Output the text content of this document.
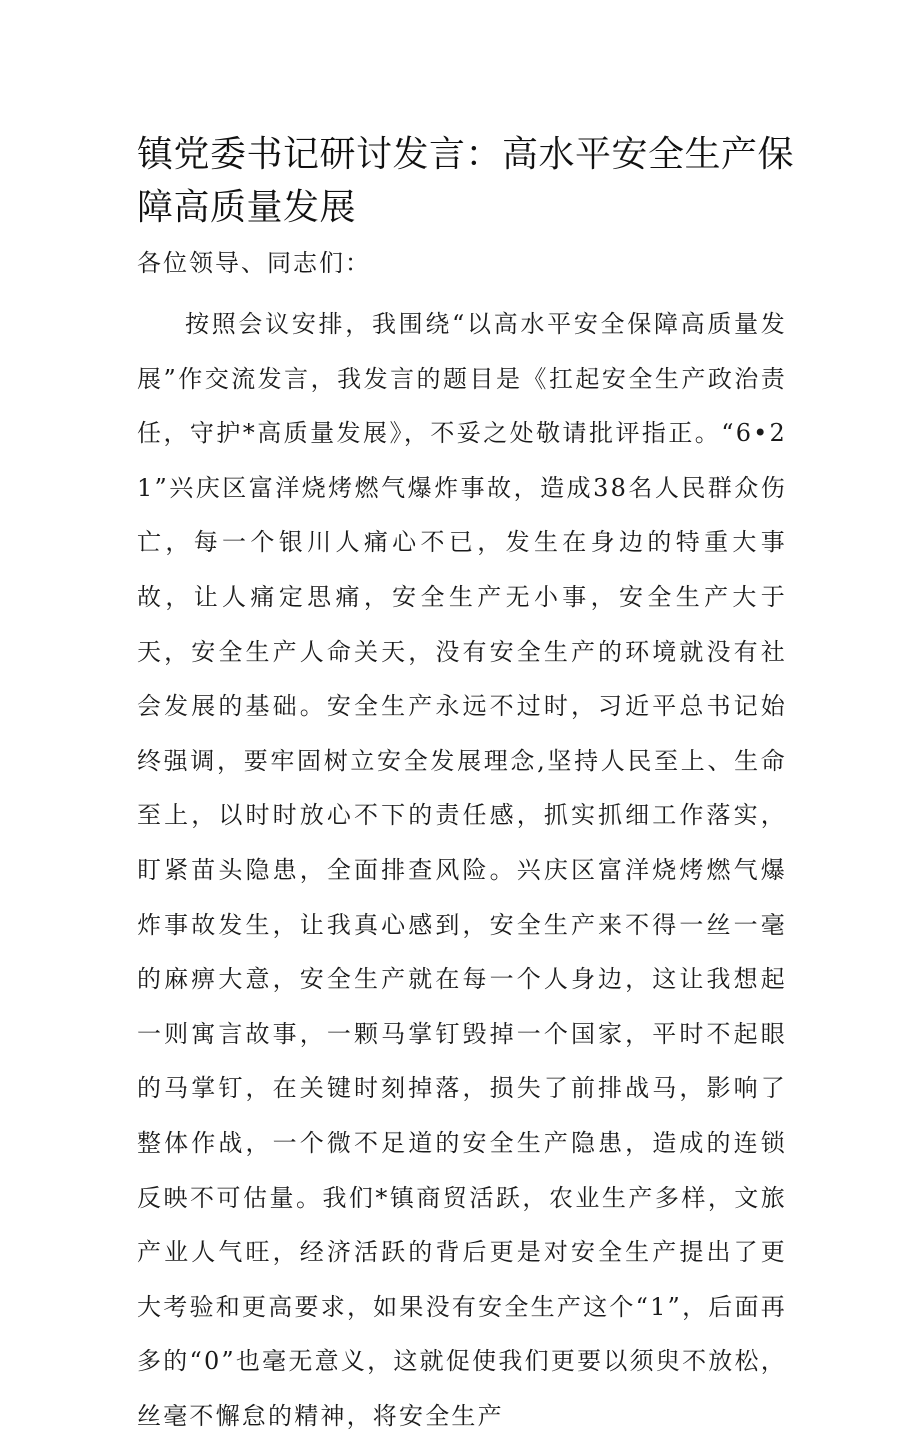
镇党委书记研讨发言：高水平安全生产保障高质量发展

各位领导、同志们：

按照会议安排，我围绕“以高水平安全保障高质量发展”作交流发言，我发言的题目是《扛起安全生产政治责任，守护*高质量发展》，不妥之处敬请批评指正。“6•21”兴庆区富洋烧烤燃气爆炸事故，造成38名人民群众伤亡，每一个银川人痛心不已，发生在身边的特重大事故，让人痛定思痛，安全生产无小事，安全生产大于天，安全生产人命关天，没有安全生产的环境就没有社会发展的基础。安全生产永远不过时，习近平总书记始终强调，要牢固树立安全发展理念,坚持人民至上、生命至上，以时时放心不下的责任感，抓实抓细工作落实，盯紧苗头隐患，全面排查风险。兴庆区富洋烧烤燃气爆炸事故发生，让我真心感到，安全生产来不得一丝一毫的麻痹大意，安全生产就在每一个人身边，这让我想起一则寓言故事，一颗马掌钉毁掉一个国家，平时不起眼的马掌钉，在关键时刻掉落，损失了前排战马，影响了整体作战，一个微不足道的安全生产隐患，造成的连锁反映不可估量。我们*镇商贸活跃，农业生产多样，文旅产业人气旺，经济活跃的背后更是对安全生产提出了更大考验和更高要求，如果没有安全生产这个“1”，后面再多的“0”也毫无意义，这就促使我们更要以须臾不放松，丝毫不懈怠的精神，将安全生产
